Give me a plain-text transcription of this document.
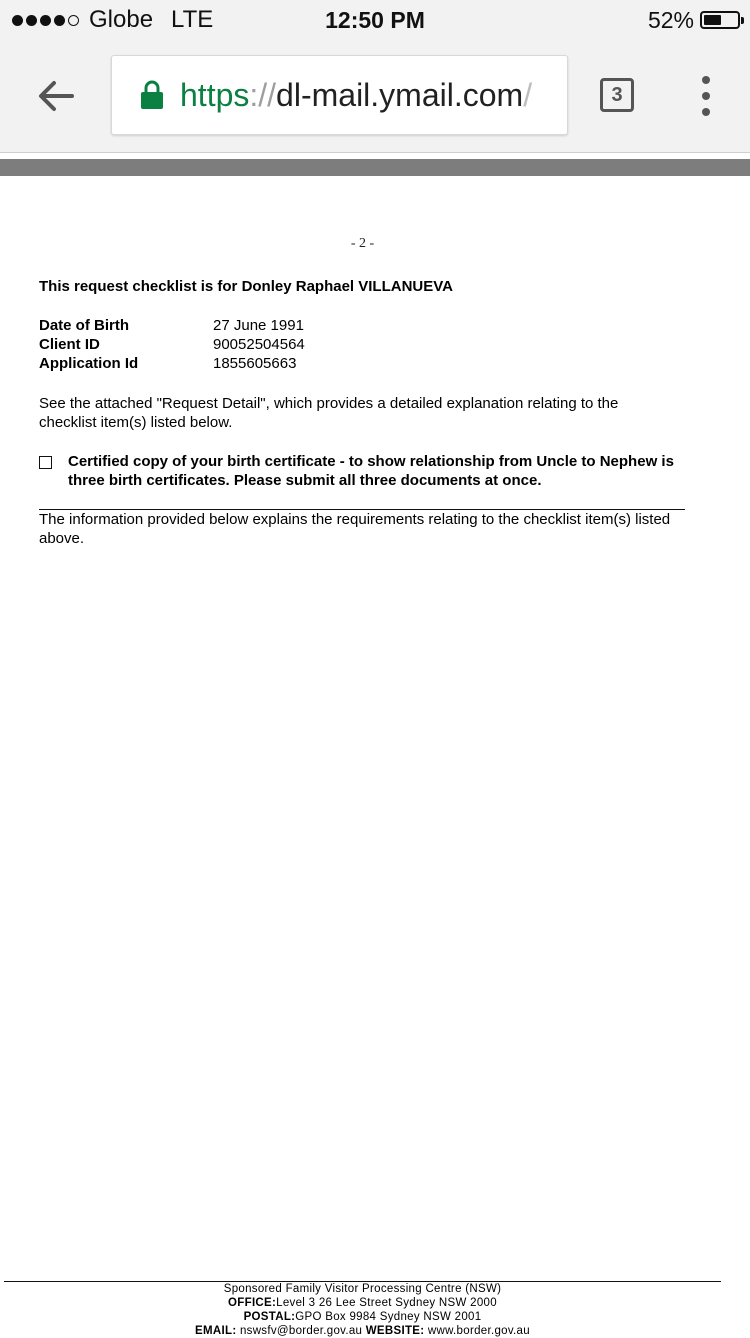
Globe LTE	12:50 PM	52%
https://dl-mail.ymail.com/	3
- 2 -
This request checklist is for Donley Raphael VILLANUEVA
Date of Birth	27 June 1991
Client ID	90052504564
Application Id	1855605663
See the attached "Request Detail", which provides a detailed explanation relating to the checklist item(s) listed below.
Certified copy of your birth certificate - to show relationship from Uncle to Nephew is three birth certificates. Please submit all three documents at once.
The information provided below explains the requirements relating to the checklist item(s) listed above.
Sponsored Family Visitor Processing Centre (NSW)
OFFICE:Level 3 26 Lee Street Sydney NSW 2000
POSTAL:GPO Box 9984 Sydney NSW 2001
EMAIL: nswsfv@border.gov.au WEBSITE: www.border.gov.au
